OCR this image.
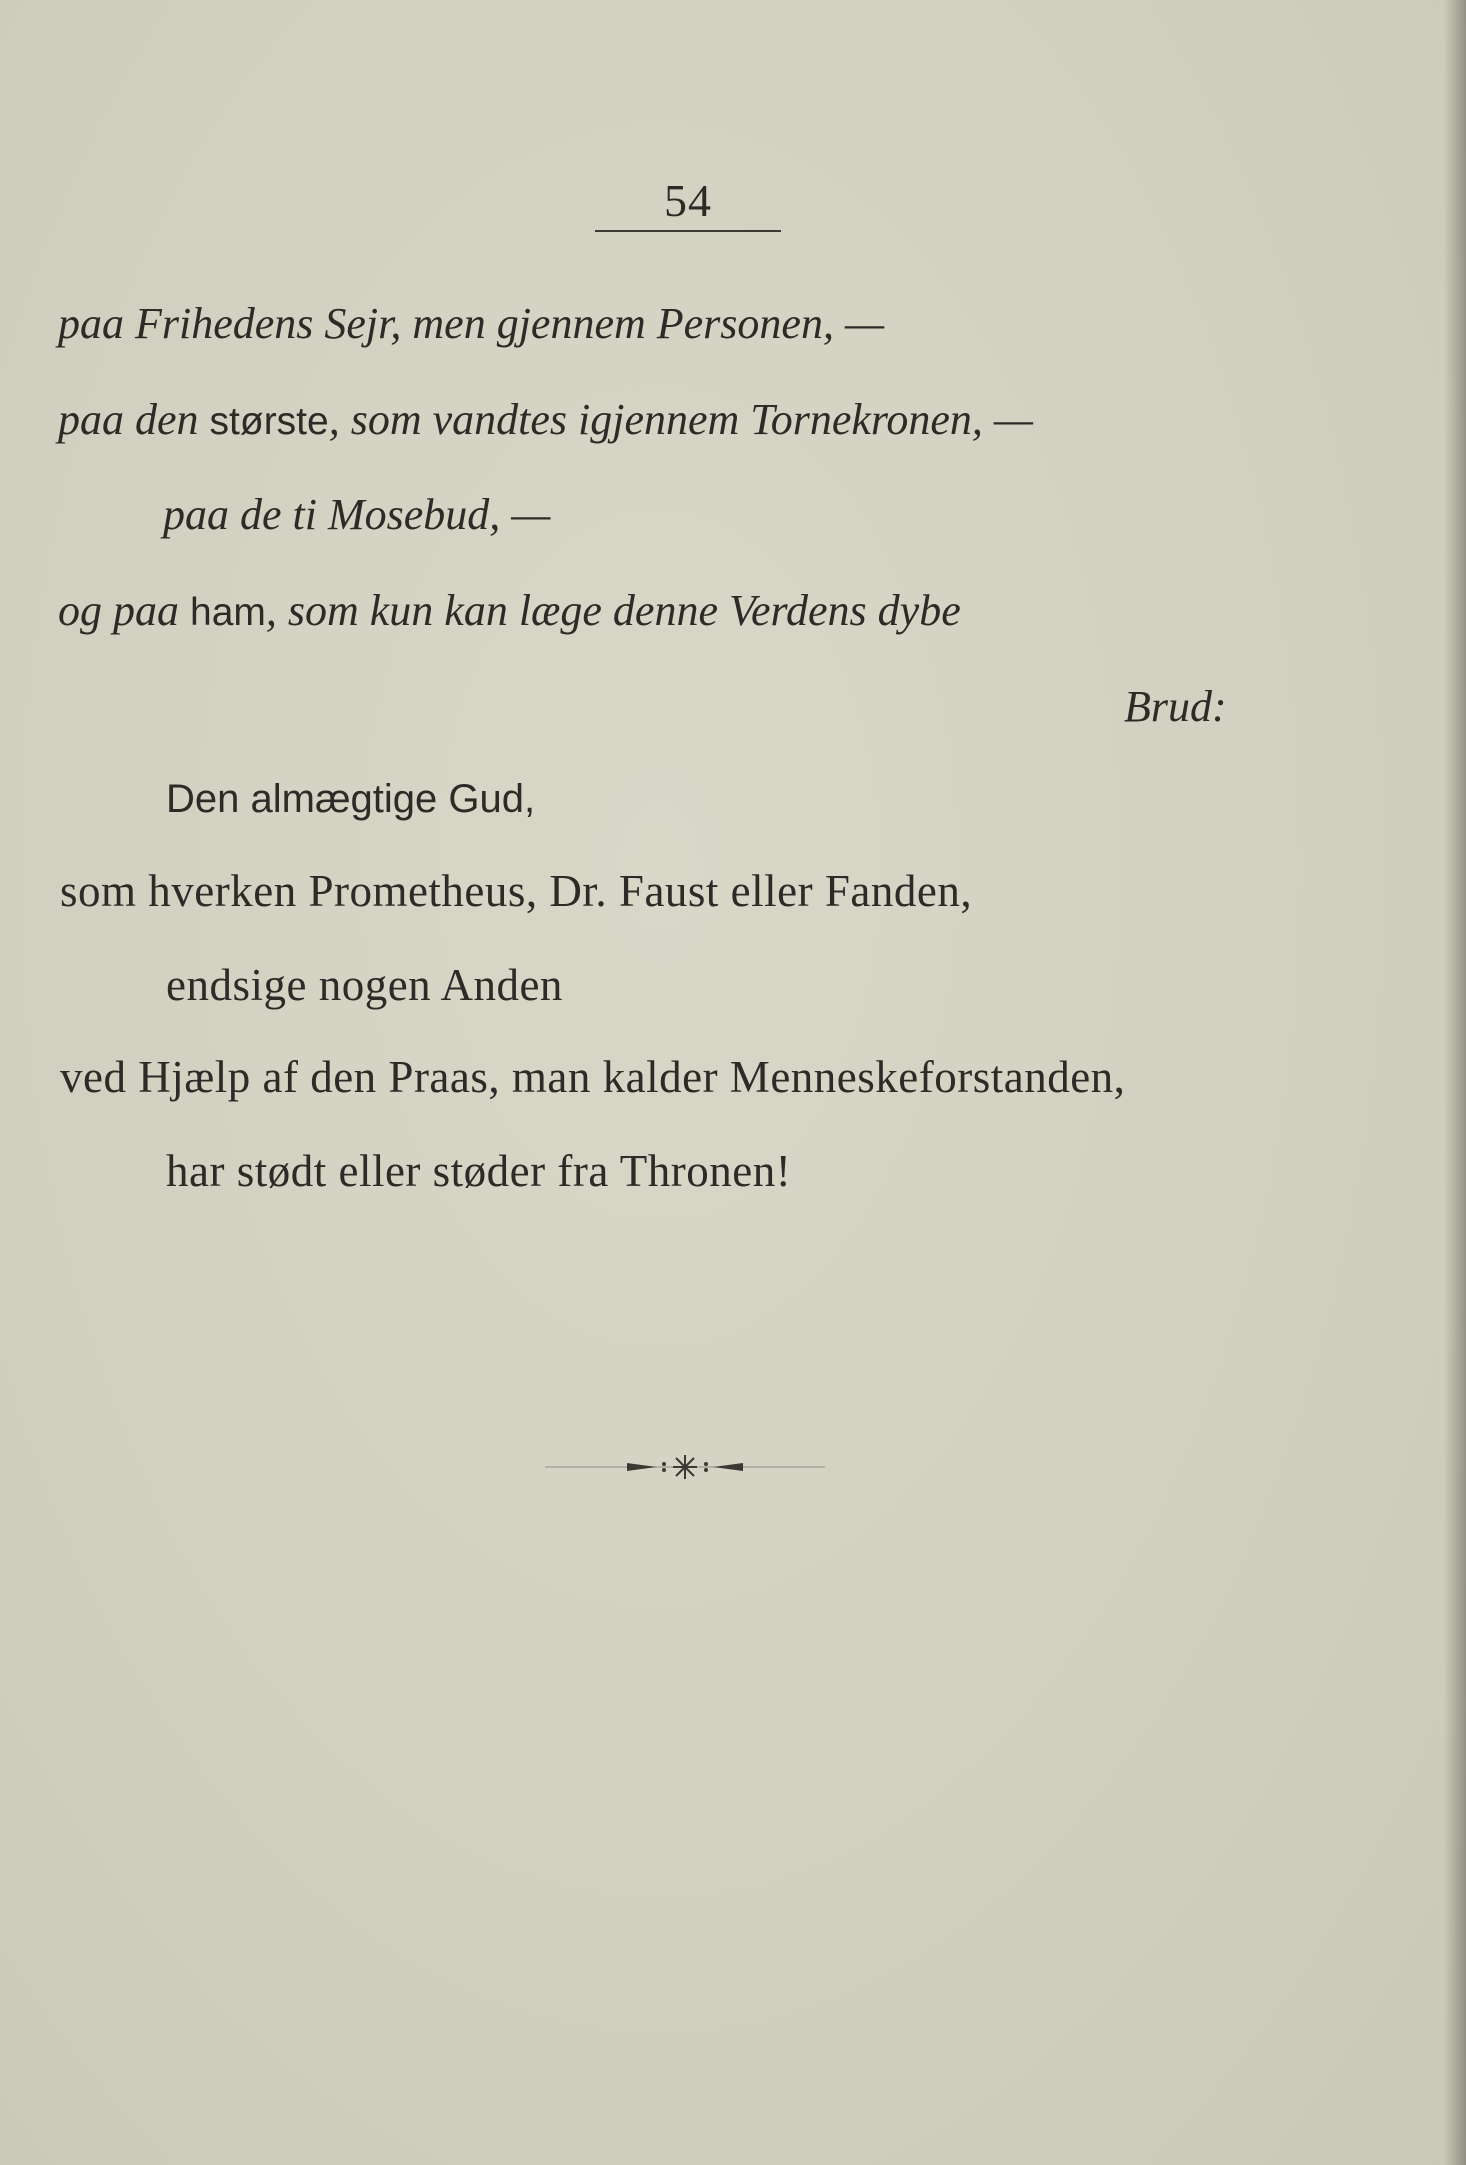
54
paa Frihedens Sejr, men gjennem Personen, —
paa den største, som vandtes igjennem Tornekronen, —
paa de ti Mosebud, —
og paa ham, som kun kan læge denne Verdens dybe
Brud:
Den almægtige Gud,
som hverken Prometheus, Dr. Faust eller Fanden,
endsige nogen Anden
ved Hjælp af den Praas, man kalder Menneskeforstanden,
har stødt eller støder fra Thronen!
